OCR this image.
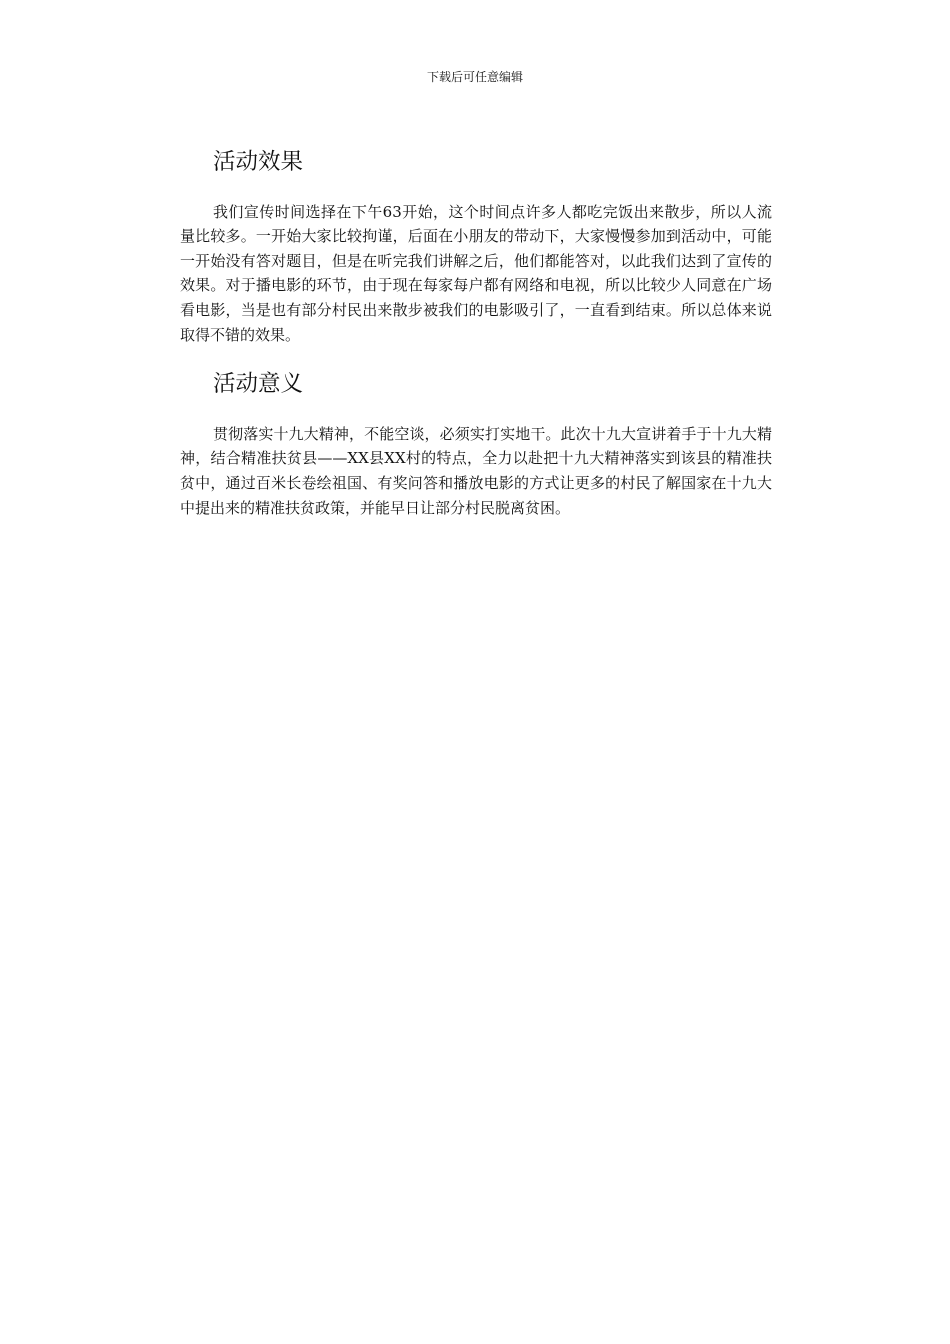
下载后可任意编辑
活动效果

我们宣传时间选择在下午63开始，这个时间点许多人都吃完饭出来散步，所以人流量比较多。一开始大家比较拘谨，后面在小朋友的带动下，大家慢慢参加到活动中，可能一开始没有答对题目，但是在听完我们讲解之后，他们都能答对，以此我们达到了宣传的效果。对于播电影的环节，由于现在每家每户都有网络和电视，所以比较少人同意在广场看电影，当是也有部分村民出来散步被我们的电影吸引了，一直看到结束。所以总体来说取得不错的效果。

活动意义

贯彻落实十九大精神，不能空谈，必须实打实地干。此次十九大宣讲着手于十九大精神，结合精准扶贫县——XX县XX村的特点，全力以赴把十九大精神落实到该县的精准扶贫中，通过百米长卷绘祖国、有奖问答和播放电影的方式让更多的村民了解国家在十九大中提出来的精准扶贫政策，并能早日让部分村民脱离贫困。
